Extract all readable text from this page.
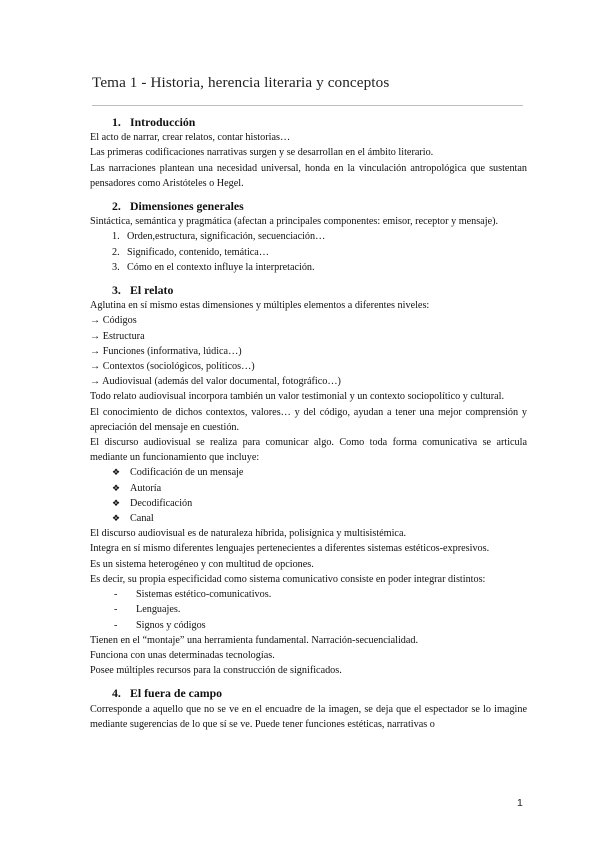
Tema 1 - Historia, herencia literaria y conceptos

1. Introducción

El acto de narrar, crear relatos, contar historias…

Las primeras codificaciones narrativas surgen y se desarrollan en el ámbito literario.

Las narraciones plantean una necesidad universal, honda en la vinculación antropológica que sustentan pensadores como Aristóteles o Hegel.

2. Dimensiones generales

Sintáctica, semántica y pragmática (afectan a principales componentes: emisor, receptor y mensaje).

1. Orden,estructura, significación, secuenciación…
2. Significado, contenido, temática…
3. Cómo en el contexto influye la interpretación.

3. El relato

Aglutina en sí mismo estas dimensiones y múltiples elementos a diferentes niveles:

→ Códigos

→ Estructura

→ Funciones (informativa, lúdica…)

→ Contextos (sociológicos, políticos…)

→ Audiovisual (además del valor documental, fotográfico…)

Todo relato audiovisual incorpora también un valor testimonial y un contexto sociopolítico y cultural.

El conocimiento de dichos contextos, valores… y del código, ayudan a tener una mejor comprensión y apreciación del mensaje en cuestión.

El discurso audiovisual se realiza para comunicar algo. Como toda forma comunicativa se articula mediante un funcionamiento que incluye:

❖ Codificación de un mensaje
❖ Autoría
❖ Decodificación
❖ Canal

El discurso audiovisual es de naturaleza híbrida, polisígnica y multisistémica.

Integra en sí mismo diferentes lenguajes pertenecientes a diferentes sistemas estéticos-expresivos.

Es un sistema heterogéneo y con multitud de opciones.

Es decir, su propia especificidad como sistema comunicativo consiste en poder integrar distintos:

- Sistemas estético-comunicativos.
- Lenguajes.
- Signos y códigos

Tienen en el “montaje” una herramienta fundamental. Narración-secuencialidad.

Funciona con unas determinadas tecnologías.

Posee múltiples recursos para la construcción de significados.

4. El fuera de campo

Corresponde a aquello que no se ve en el encuadre de la imagen, se deja que el espectador se lo imagine mediante sugerencias de lo que sí se ve. Puede tener funciones estéticas, narrativas o

1
